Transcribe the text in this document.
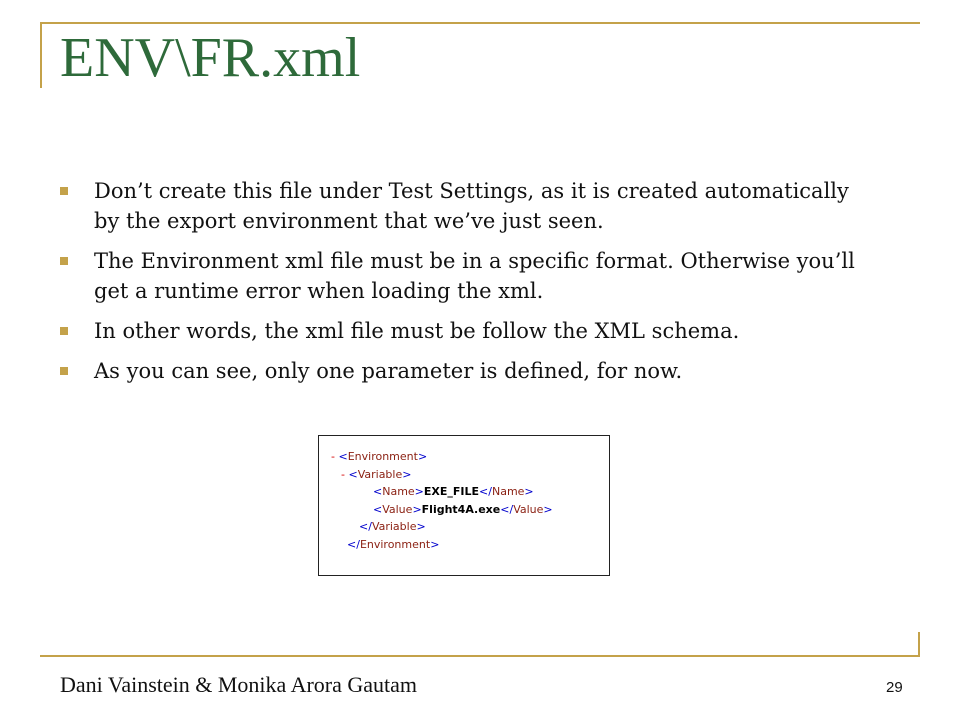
ENV\FR.xml
Don’t create this file under Test Settings, as it is created automatically by the export environment that we’ve just seen.
The Environment xml file must be in a specific format. Otherwise you’ll get a runtime error when loading the xml.
In other words, the xml file must be follow the XML schema.
As you can see, only one parameter is defined, for now.
- <Environment>
- <Variable>
<Name>EXE_FILE</Name>
<Value>Flight4A.exe</Value>
</Variable>
</Environment>
Dani Vainstein & Monika Arora Gautam	29
